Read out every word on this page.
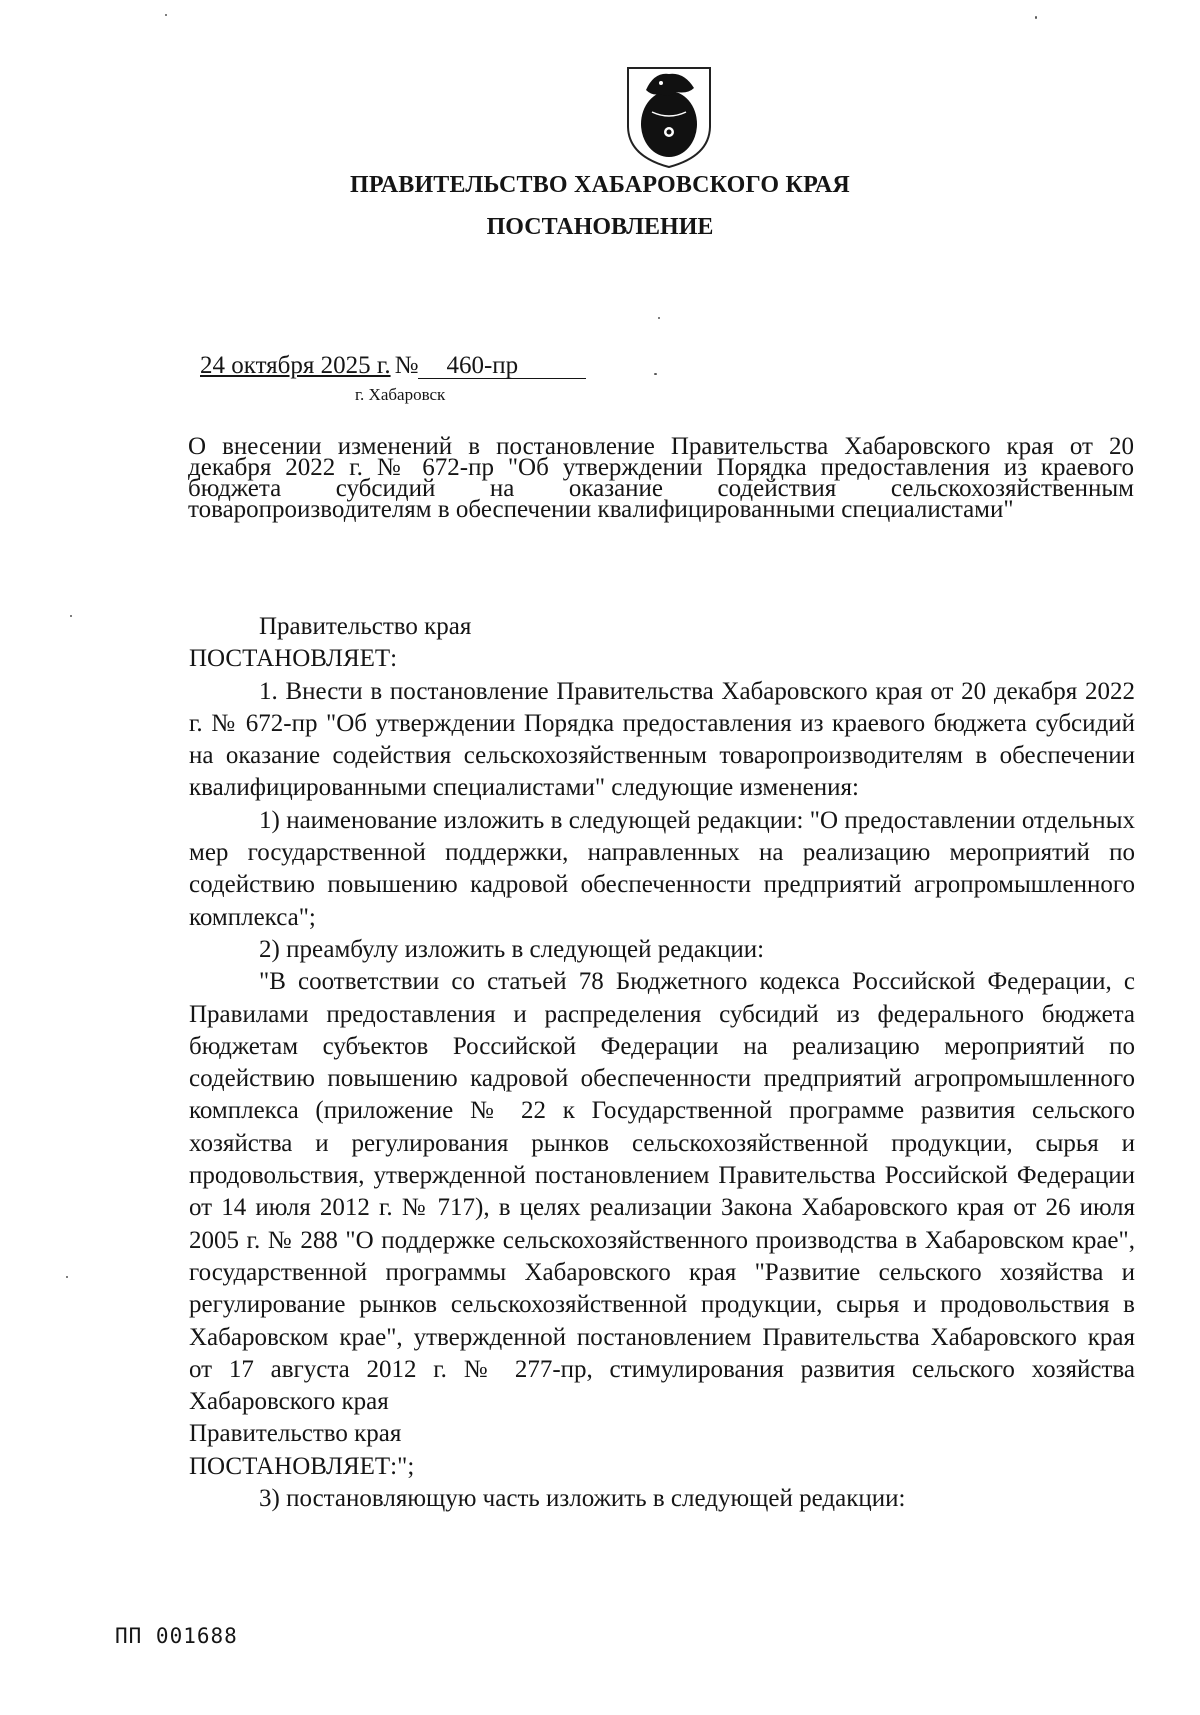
ПРАВИТЕЛЬСТВО ХАБАРОВСКОГО КРАЯ
ПОСТАНОВЛЕНИЕ
24 октября 2025 г. № 460-пр
г. Хабаровск
О внесении изменений в постановление Правительства Хабаровского края от 20 декабря 2022 г. № 672-пр "Об утверждении Порядка предоставления из краевого бюджета субсидий на оказание содействия сельскохозяйственным товаропроизводителям в обеспечении квалифицированными специалистами"

Правительство края

ПОСТАНОВЛЯЕТ:

1. Внести в постановление Правительства Хабаровского края от 20 декабря 2022 г. № 672-пр "Об утверждении Порядка предоставления из краевого бюджета субсидий на оказание содействия сельскохозяйственным товаропроизводителям в обеспечении квалифицированными специалистами" следующие изменения:

1) наименование изложить в следующей редакции: "О предоставлении отдельных мер государственной поддержки, направленных на реализацию мероприятий по содействию повышению кадровой обеспеченности предприятий агропромышленного комплекса";

2) преамбулу изложить в следующей редакции:

"В соответствии со статьей 78 Бюджетного кодекса Российской Федерации, с Правилами предоставления и распределения субсидий из федерального бюджета бюджетам субъектов Российской Федерации на реализацию мероприятий по содействию повышению кадровой обеспеченности предприятий агропромышленного комплекса (приложение № 22 к Государственной программе развития сельского хозяйства и регулирования рынков сельскохозяйственной продукции, сырья и продовольствия, утвержденной постановлением Правительства Российской Федерации от 14 июля 2012 г. № 717), в целях реализации Закона Хабаровского края от 26 июля 2005 г. № 288 "О поддержке сельскохозяйственного производства в Хабаровском крае", государственной программы Хабаровского края "Развитие сельского хозяйства и регулирование рынков сельскохозяйственной продукции, сырья и продовольствия в Хабаровском крае", утвержденной постановлением Правительства Хабаровского края от 17 августа 2012 г. № 277-пр, стимулирования развития сельского хозяйства Хабаровского края

Правительство края

ПОСТАНОВЛЯЕТ:";

3) постановляющую часть изложить в следующей редакции:

ПП 001688
